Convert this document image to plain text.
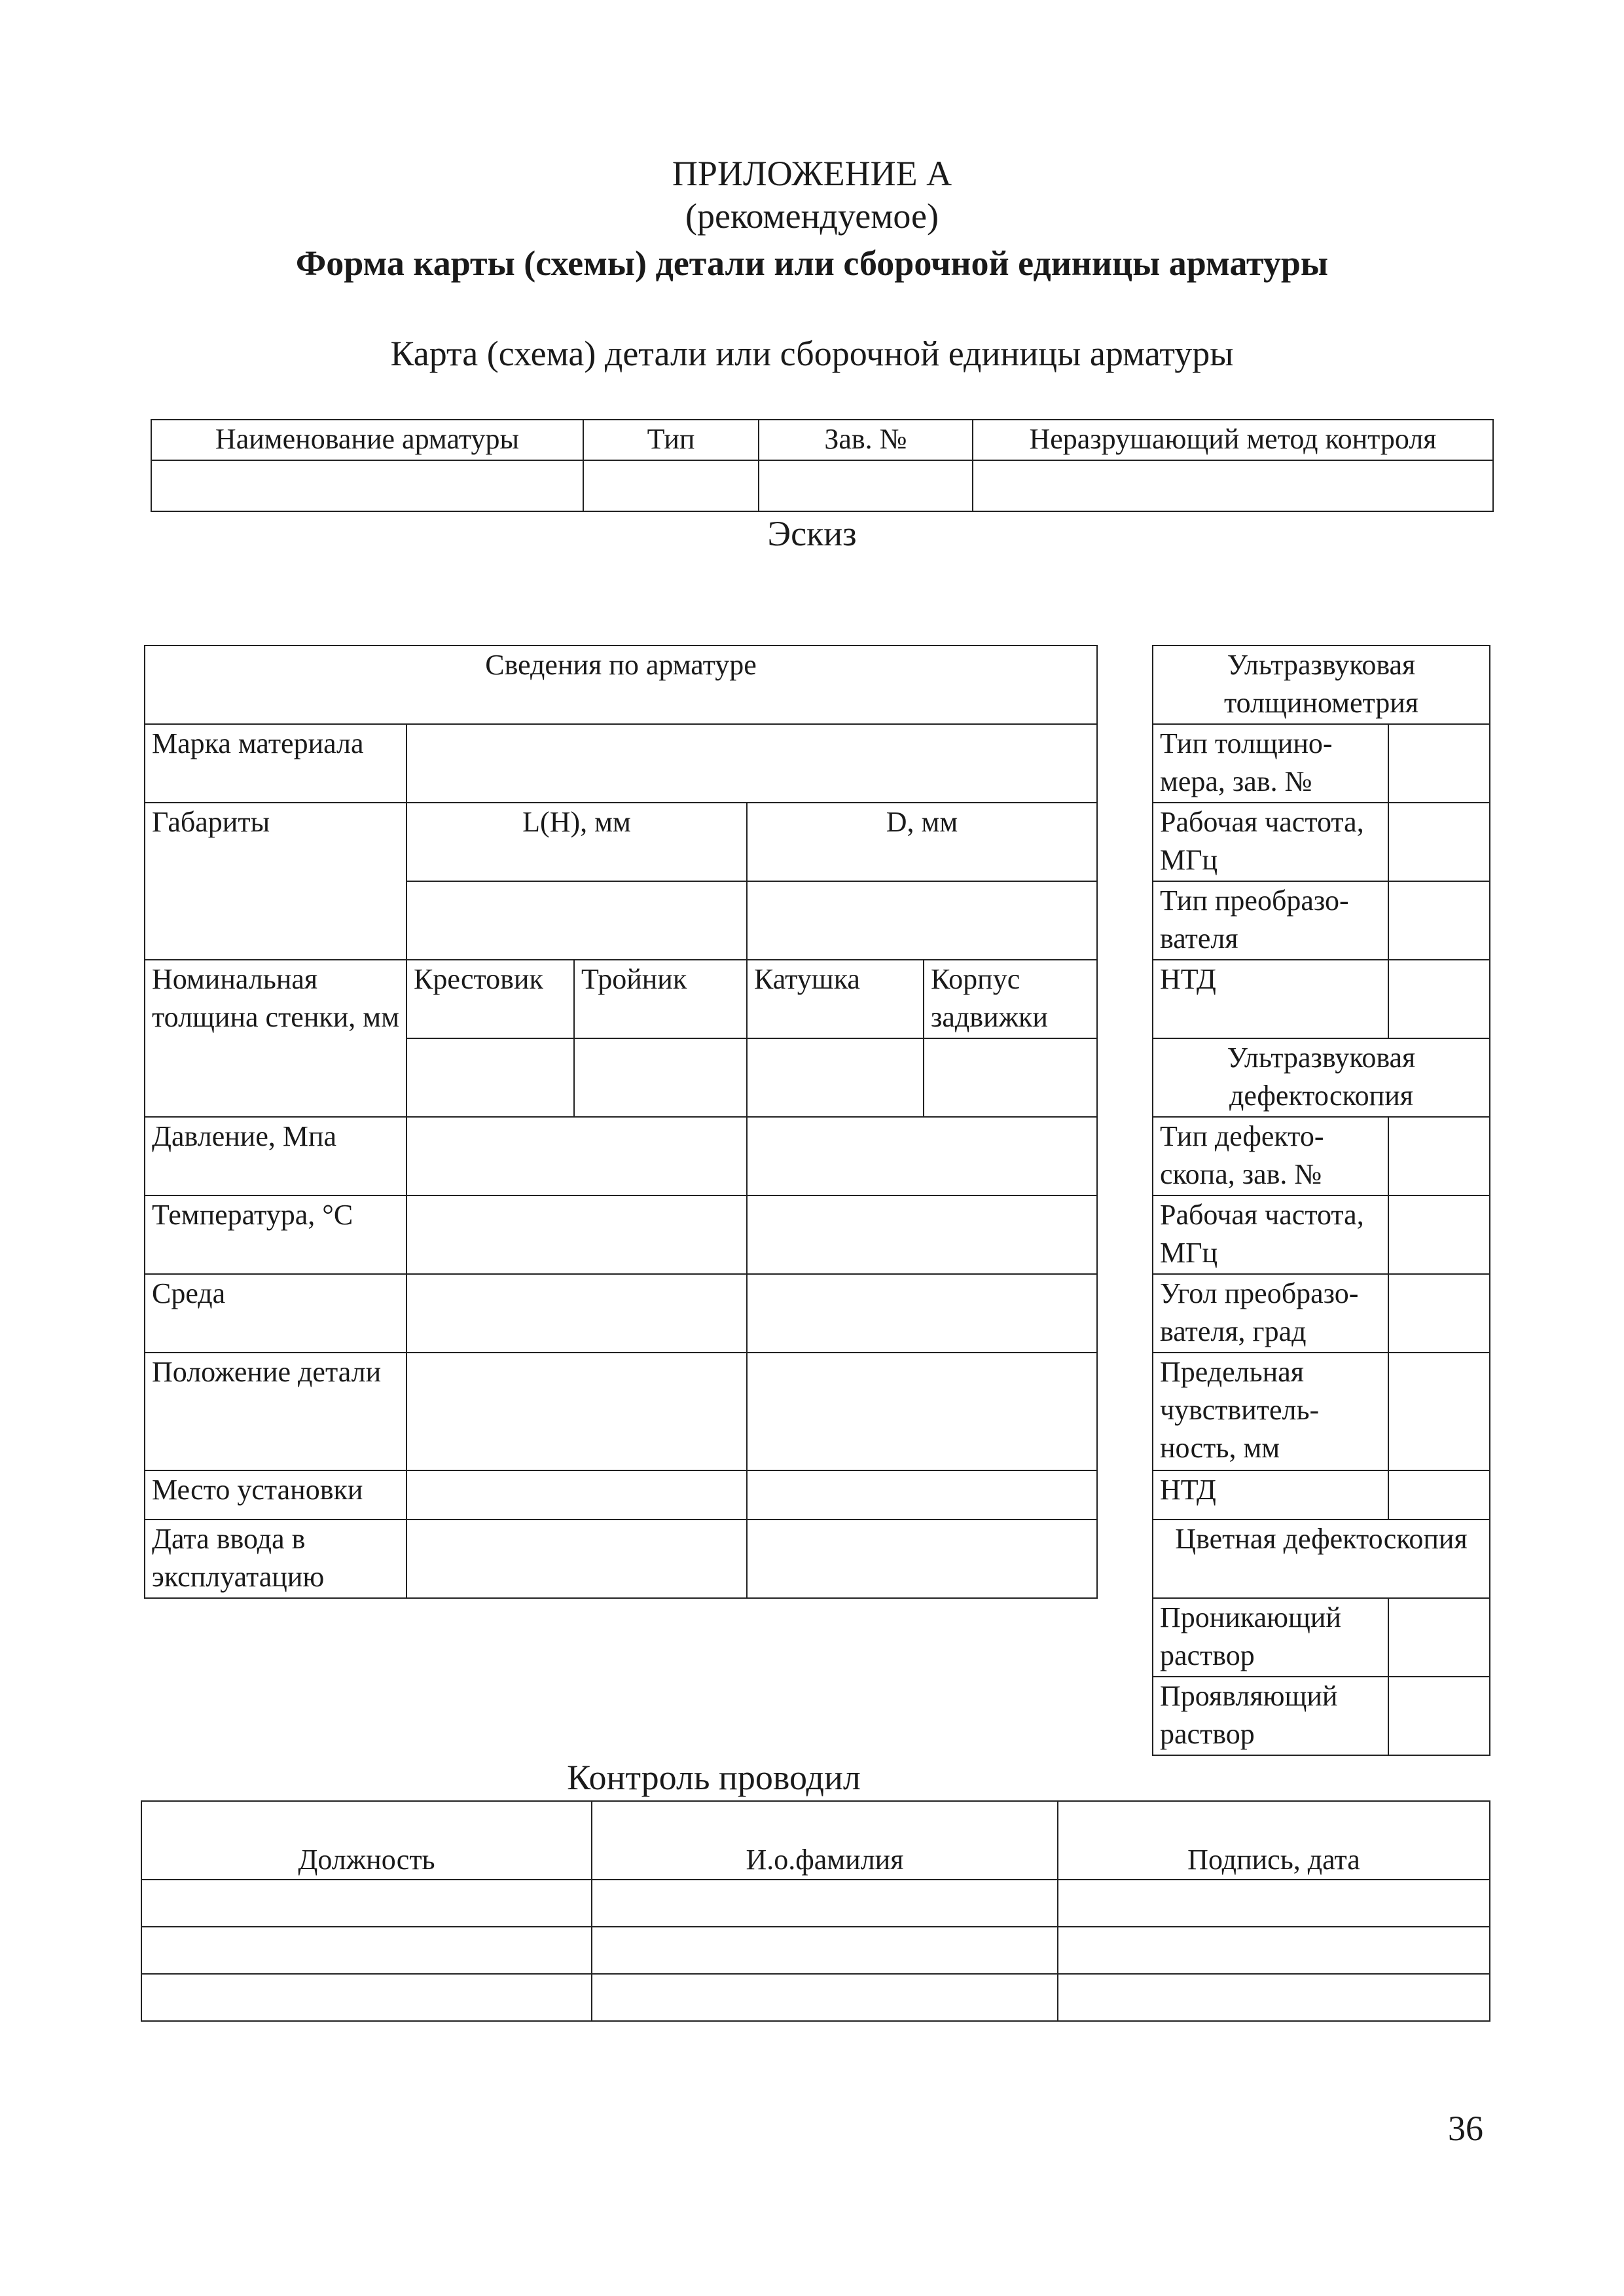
ПРИЛОЖЕНИЕ А
(рекомендуемое)
Форма карты (схемы) детали или сборочной единицы арматуры
Карта (схема) детали или сборочной единицы арматуры
Наименование арматуры	Тип	Зав. №	Неразрушающий метод контроля

Эскиз
Сведения по арматуре				
Марка материала				
Габариты	L(H), мм		D, мм	

Номинальная толщина стенки, мм	Крестовик	Тройник	Катушка	Корпус задвижки

Давление, Мпа				
Температура, °С				
Среда				
Положение детали				
Место установки				
Дата ввода в эксплуатацию				
Ультразвуковая толщинометрия	
Тип толщино-мера, зав. №	
Рабочая частота, МГц	
Тип преобразо-вателя	
НТД	
Ультразвуковая дефектоскопия	
Тип дефекто-скопа, зав. №	
Рабочая частота, МГц	
Угол преобразо-вателя, град	
Предельная чувствитель-ность, мм	
НТД	
Цветная дефектоскопия	
Проникающий раствор	
Проявляющий раствор	
Контроль проводил
Должность	И.о.фамилия	Подпись, дата

36
